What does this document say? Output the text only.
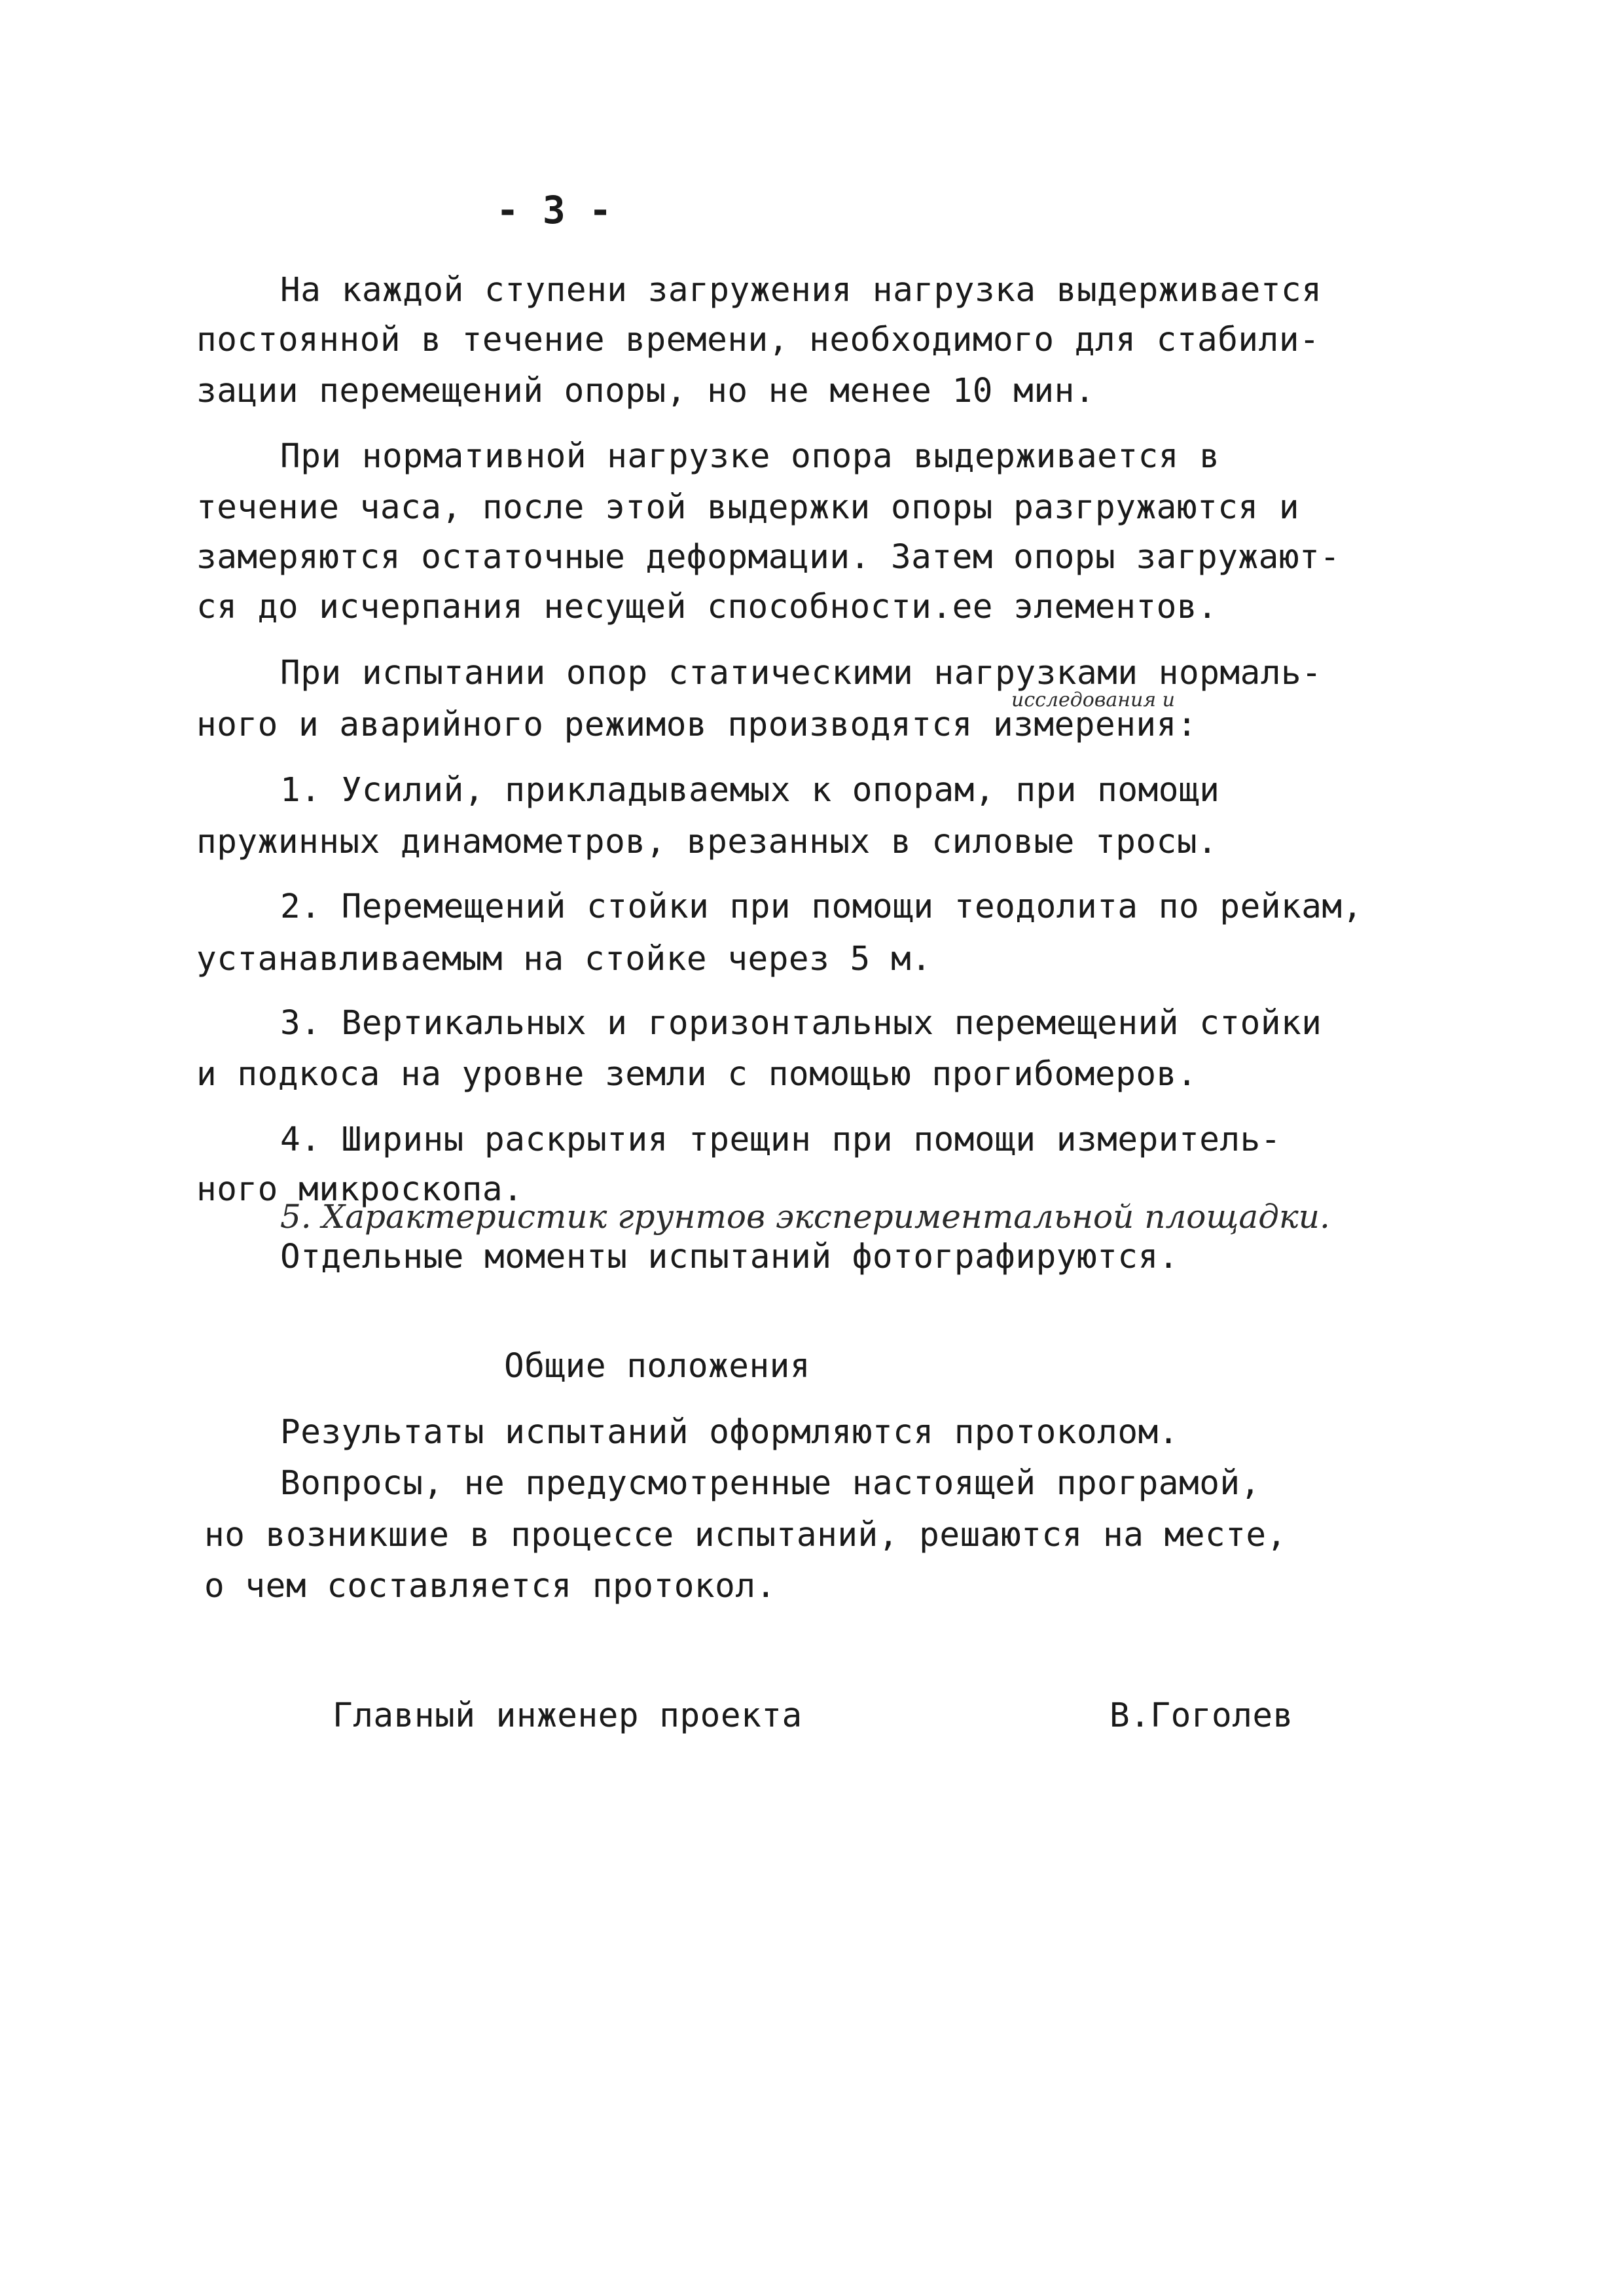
- 3 -
На каждой ступени загружения нагрузка выдерживается
постоянной в течение времени, необходимого для стабили-
зации перемещений опоры, но не менее 10 мин.
При нормативной нагрузке опора выдерживается в
течение часа, после этой выдержки опоры разгружаются и
замеряются остаточные деформации. Затем опоры загружают-
ся до исчерпания несущей способности.ее элементов.
При испытании опор статическими нагрузками нормаль-
исследования и
ного и аварийного режимов производятся измерения:
1. Усилий, прикладываемых к опорам, при помощи
пружинных динамометров, врезанных в силовые тросы.
2. Перемещений стойки при помощи теодолита по рейкам,
устанавливаемым на стойке через 5 м.
3. Вертикальных и горизонтальных перемещений стойки
и подкоса на уровне земли с помощью прогибомеров.
4. Ширины раскрытия трещин при помощи измеритель-
ного микроскопа.
5. Характеристик грунтов экспериментальной площадки.
Отдельные моменты испытаний фотографируются.
Общие положения
Результаты испытаний оформляются протоколом.
Вопросы, не предусмотренные настоящей програмой,
но возникшие в процессе испытаний, решаются на месте,
о чем составляется протокол.
Главный инженер проекта	В.Гоголев
